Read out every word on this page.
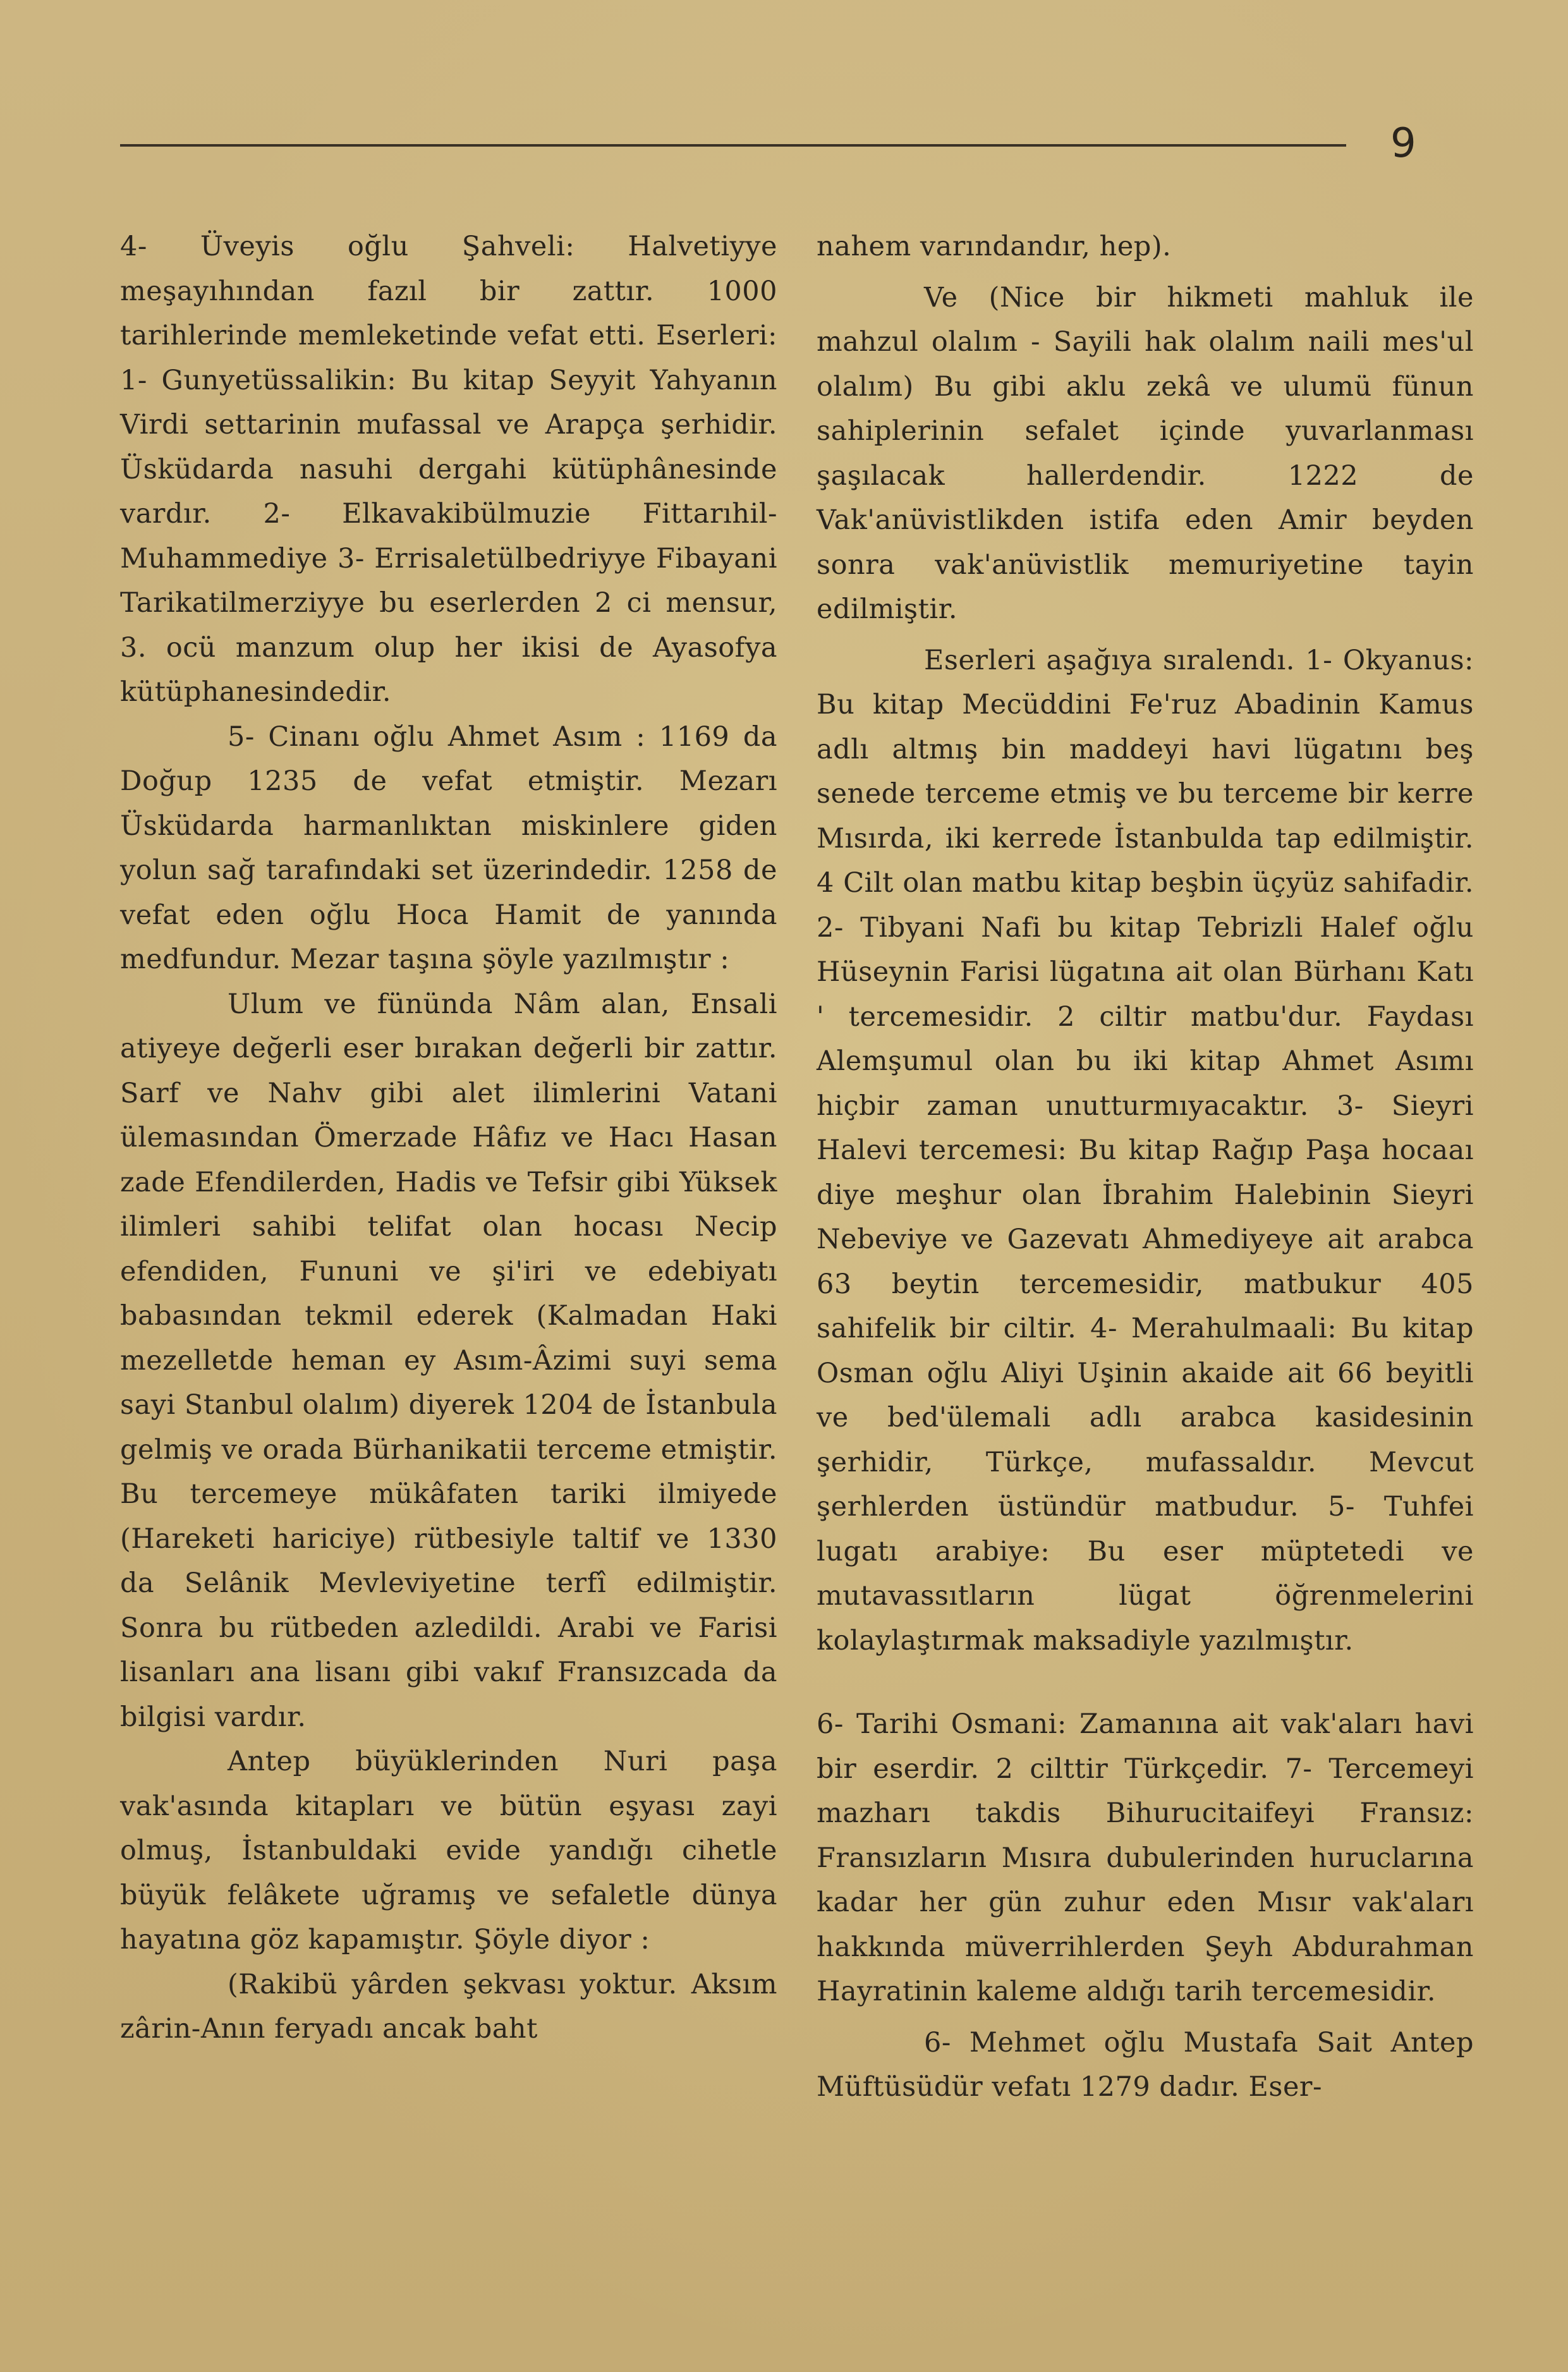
9

4- Üveyis oğlu Şahveli: Halvetiyye meşayıhından fazıl bir zattır. 1000 tarihlerinde memleketinde vefat etti. Eserleri: 1- Gunyetüssalikin: Bu kitap Seyyit Yahyanın Virdi settarinin mufassal ve Arapça şerhidir. Üsküdarda nasuhi dergahi kütüphânesinde vardır. 2- Elkavakibülmuzie Fittarıhil- Muhammediye 3- Errisaletülbedriyye Fibayani Tarikatilmerziyye bu eserlerden 2 ci mensur, 3. ocü manzum olup her ikisi de Ayasofya kütüphanesindedir.

5- Cinanı oğlu Ahmet Asım : 1169 da Doğup 1235 de vefat etmiştir. Mezarı Üsküdarda harmanlıktan miskinlere giden yolun sağ tarafındaki set üzerindedir. 1258 de vefat eden oğlu Hoca Hamit de yanında medfundur. Mezar taşına şöyle yazılmıştır :

Ulum ve fününda Nâm alan, Ensali atiyeye değerli eser bırakan değerli bir zattır. Sarf ve Nahv gibi alet ilimlerini Vatani ülemasından Ömerzade Hâfız ve Hacı Hasan zade Efendilerden, Hadis ve Tefsir gibi Yüksek ilimleri sahibi telifat olan hocası Necip efendiden, Fununi ve şi'iri ve edebiyatı babasından tekmil ederek (Kalmadan Haki mezelletde heman ey Asım-Âzimi suyi sema sayi Stanbul olalım) diyerek 1204 de İstanbula gelmiş ve orada Bürhanikatii terceme etmiştir. Bu tercemeye mükâfaten tariki ilmiyede (Hareketi hariciye) rütbesiyle taltif ve 1330 da Selânik Mevleviyetine terfî edilmiştir. Sonra bu rütbeden azledildi. Arabi ve Farisi lisanları ana lisanı gibi vakıf Fransızcada da bilgisi vardır.

Antep büyüklerinden Nuri paşa vak'asında kitapları ve bütün eşyası zayi olmuş, İstanbuldaki evide yandığı cihetle büyük felâkete uğramış ve sefaletle dünya hayatına göz kapamıştır. Şöyle diyor :

(Rakibü yârden şekvası yoktur. Aksım zârin-Anın feryadı ancak baht

nahem varındandır, hep).

Ve (Nice bir hikmeti mahluk ile mahzul olalım - Sayili hak olalım naili mes'ul olalım) Bu gibi aklu zekâ ve ulumü fünun sahiplerinin sefalet içinde yuvarlanması şaşılacak hallerdendir. 1222 de Vak'anüvistlikden istifa eden Amir beyden sonra vak'anüvistlik memuriyetine tayin edilmiştir.

Eserleri aşağıya sıralendı. 1- Okyanus: Bu kitap Mecüddini Fe'ruz Abadinin Kamus adlı altmış bin maddeyi havi lügatını beş senede terceme etmiş ve bu terceme bir kerre Mısırda, iki kerrede İstanbulda tap edilmiştir. 4 Cilt olan matbu kitap beşbin üçyüz sahifadir. 2- Tibyani Nafi bu kitap Tebrizli Halef oğlu Hüseynin Farisi lügatına ait olan Bürhanı Katı ' tercemesidir. 2 ciltir matbu'dur. Faydası Alemşumul olan bu iki kitap Ahmet Asımı hiçbir zaman unutturmıyacaktır. 3- Sieyri Halevi tercemesi: Bu kitap Rağıp Paşa hocaaı diye meşhur olan İbrahim Halebinin Sieyri Nebeviye ve Gazevatı Ahmediyeye ait arabca 63 beytin tercemesidir, matbukur 405 sahifelik bir ciltir. 4- Merahulmaali: Bu kitap Osman oğlu Aliyi Uşinin akaide ait 66 beyitli ve bed'ülemali adlı arabca kasidesinin şerhidir, Türkçe, mufassaldır. Mevcut şerhlerden üstündür matbudur. 5- Tuhfei lugatı arabiye: Bu eser müptetedi ve mutavassıtların lügat öğrenmelerini kolaylaştırmak maksadiyle yazılmıştır.

6- Tarihi Osmani: Zamanına ait vak'aları havi bir eserdir. 2 cilttir Türkçedir. 7- Tercemeyi mazharı takdis Bihurucitaifeyi Fransız: Fransızların Mısıra dubulerinden huruclarına kadar her gün zuhur eden Mısır vak'aları hakkında müverrihlerden Şeyh Abdurahman Hayratinin kaleme aldığı tarih tercemesidir.

6- Mehmet oğlu Mustafa Sait Antep Müftüsüdür vefatı 1279 dadır. Eser-
